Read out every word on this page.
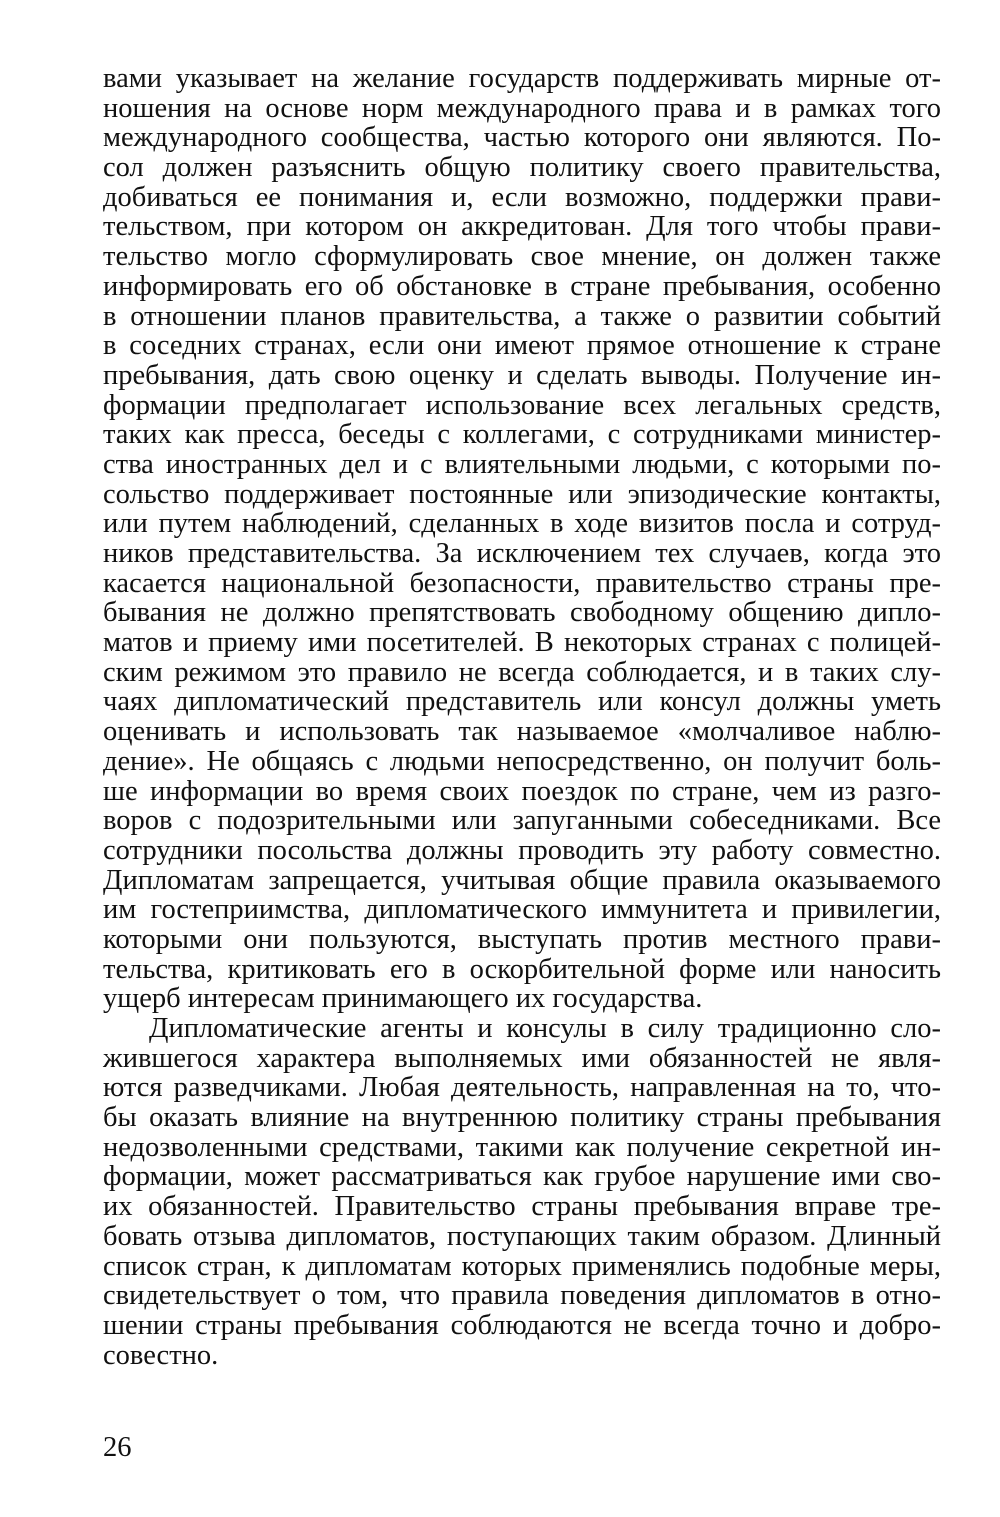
вами указывает на желание государств поддерживать мирные от-
ношения на основе норм международного права и в рамках того
международного сообщества, частью которого они являются. По-
сол должен разъяснить общую политику своего правительства,
добиваться ее понимания и, если возможно, поддержки прави-
тельством, при котором он аккредитован. Для того чтобы прави-
тельство могло сформулировать свое мнение, он должен также
информировать его об обстановке в стране пребывания, особенно
в отношении планов правительства, а также о развитии событий
в соседних странах, если они имеют прямое отношение к стране
пребывания, дать свою оценку и сделать выводы. Получение ин-
формации предполагает использование всех легальных средств,
таких как пресса, беседы с коллегами, с сотрудниками министер-
ства иностранных дел и с влиятельными людьми, с которыми по-
сольство поддерживает постоянные или эпизодические контакты,
или путем наблюдений, сделанных в ходе визитов посла и сотруд-
ников представительства. За исключением тех случаев, когда это
касается национальной безопасности, правительство страны пре-
бывания не должно препятствовать свободному общению дипло-
матов и приему ими посетителей. В некоторых странах с полицей-
ским режимом это правило не всегда соблюдается, и в таких слу-
чаях дипломатический представитель или консул должны уметь
оценивать и использовать так называемое «молчаливое наблю-
дение». Не общаясь с людьми непосредственно, он получит боль-
ше информации во время своих поездок по стране, чем из разго-
воров с подозрительными или запуганными собеседниками. Все
сотрудники посольства должны проводить эту работу совместно.
Дипломатам запрещается, учитывая общие правила оказываемого
им гостеприимства, дипломатического иммунитета и привилегии,
которыми они пользуются, выступать против местного прави-
тельства, критиковать его в оскорбительной форме или наносить
ущерб интересам принимающего их государства.
Дипломатические агенты и консулы в силу традиционно сло-
жившегося характера выполняемых ими обязанностей не явля-
ются разведчиками. Любая деятельность, направленная на то, что-
бы оказать влияние на внутреннюю политику страны пребывания
недозволенными средствами, такими как получение секретной ин-
формации, может рассматриваться как грубое нарушение ими сво-
их обязанностей. Правительство страны пребывания вправе тре-
бовать отзыва дипломатов, поступающих таким образом. Длинный
список стран, к дипломатам которых применялись подобные меры,
свидетельствует о том, что правила поведения дипломатов в отно-
шении страны пребывания соблюдаются не всегда точно и добро-
совестно.
26
